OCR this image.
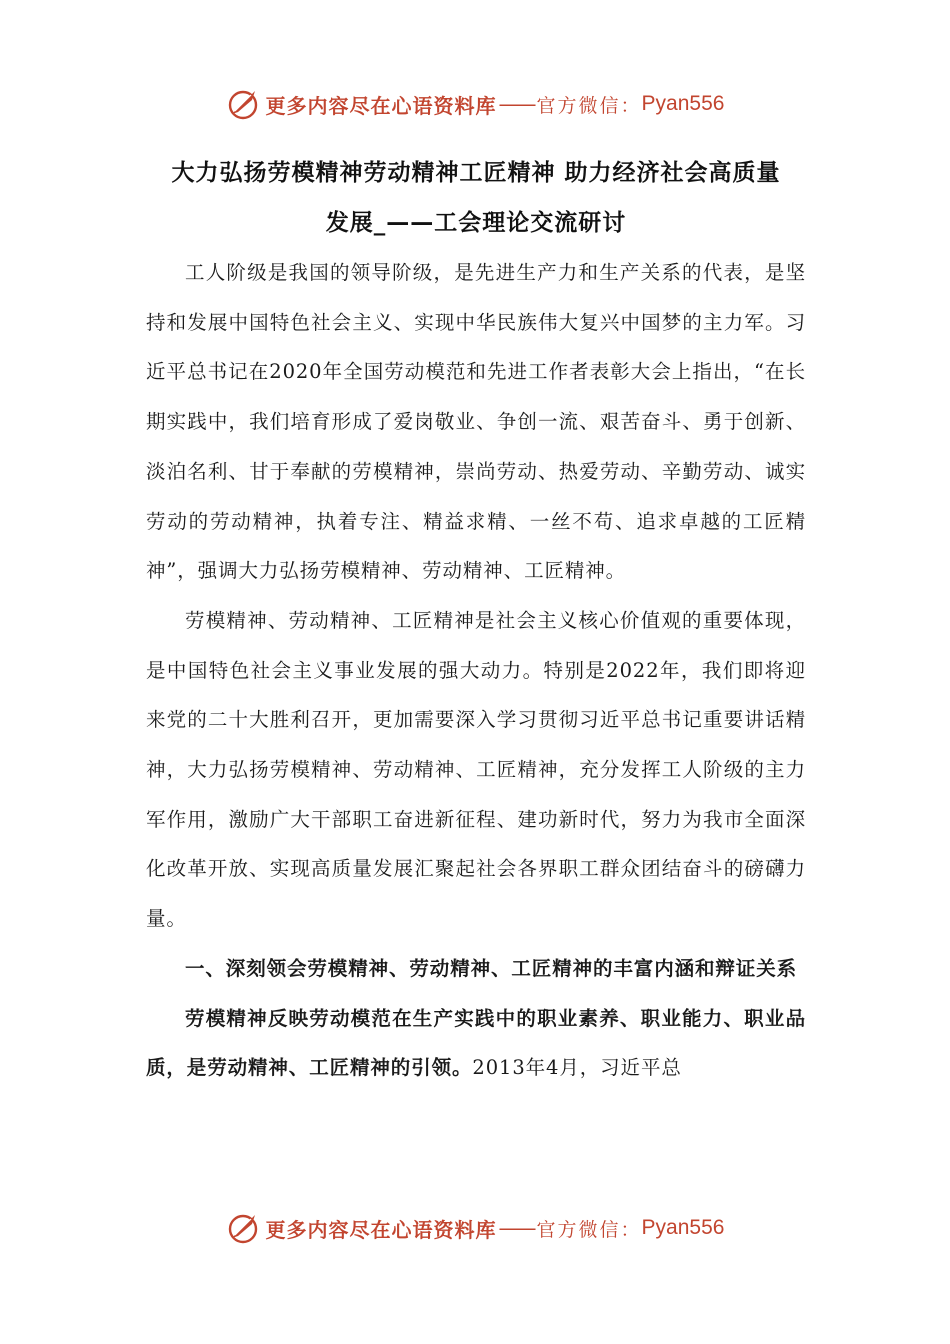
更多内容尽在心语资料库 —— 官方微信： Pyan556
大力弘扬劳模精神劳动精神工匠精神 助力经济社会高质量
发展_——工会理论交流研讨

工人阶级是我国的领导阶级，是先进生产力和生产关系的代表，是坚持和发展中国特色社会主义、实现中华民族伟大复兴中国梦的主力军。习近平总书记在2020年全国劳动模范和先进工作者表彰大会上指出，“在长期实践中，我们培育形成了爱岗敬业、争创一流、艰苦奋斗、勇于创新、淡泊名利、甘于奉献的劳模精神，崇尚劳动、热爱劳动、辛勤劳动、诚实劳动的劳动精神，执着专注、精益求精、一丝不苟、追求卓越的工匠精神”，强调大力弘扬劳模精神、劳动精神、工匠精神。

劳模精神、劳动精神、工匠精神是社会主义核心价值观的重要体现，是中国特色社会主义事业发展的强大动力。特别是2022年，我们即将迎来党的二十大胜利召开，更加需要深入学习贯彻习近平总书记重要讲话精神，大力弘扬劳模精神、劳动精神、工匠精神，充分发挥工人阶级的主力军作用，激励广大干部职工奋进新征程、建功新时代，努力为我市全面深化改革开放、实现高质量发展汇聚起社会各界职工群众团结奋斗的磅礴力量。

一、深刻领会劳模精神、劳动精神、工匠精神的丰富内涵和辩证关系

劳模精神反映劳动模范在生产实践中的职业素养、职业能力、职业品质，是劳动精神、工匠精神的引领。2013年4月，习近平总

更多内容尽在心语资料库 —— 官方微信： Pyan556
